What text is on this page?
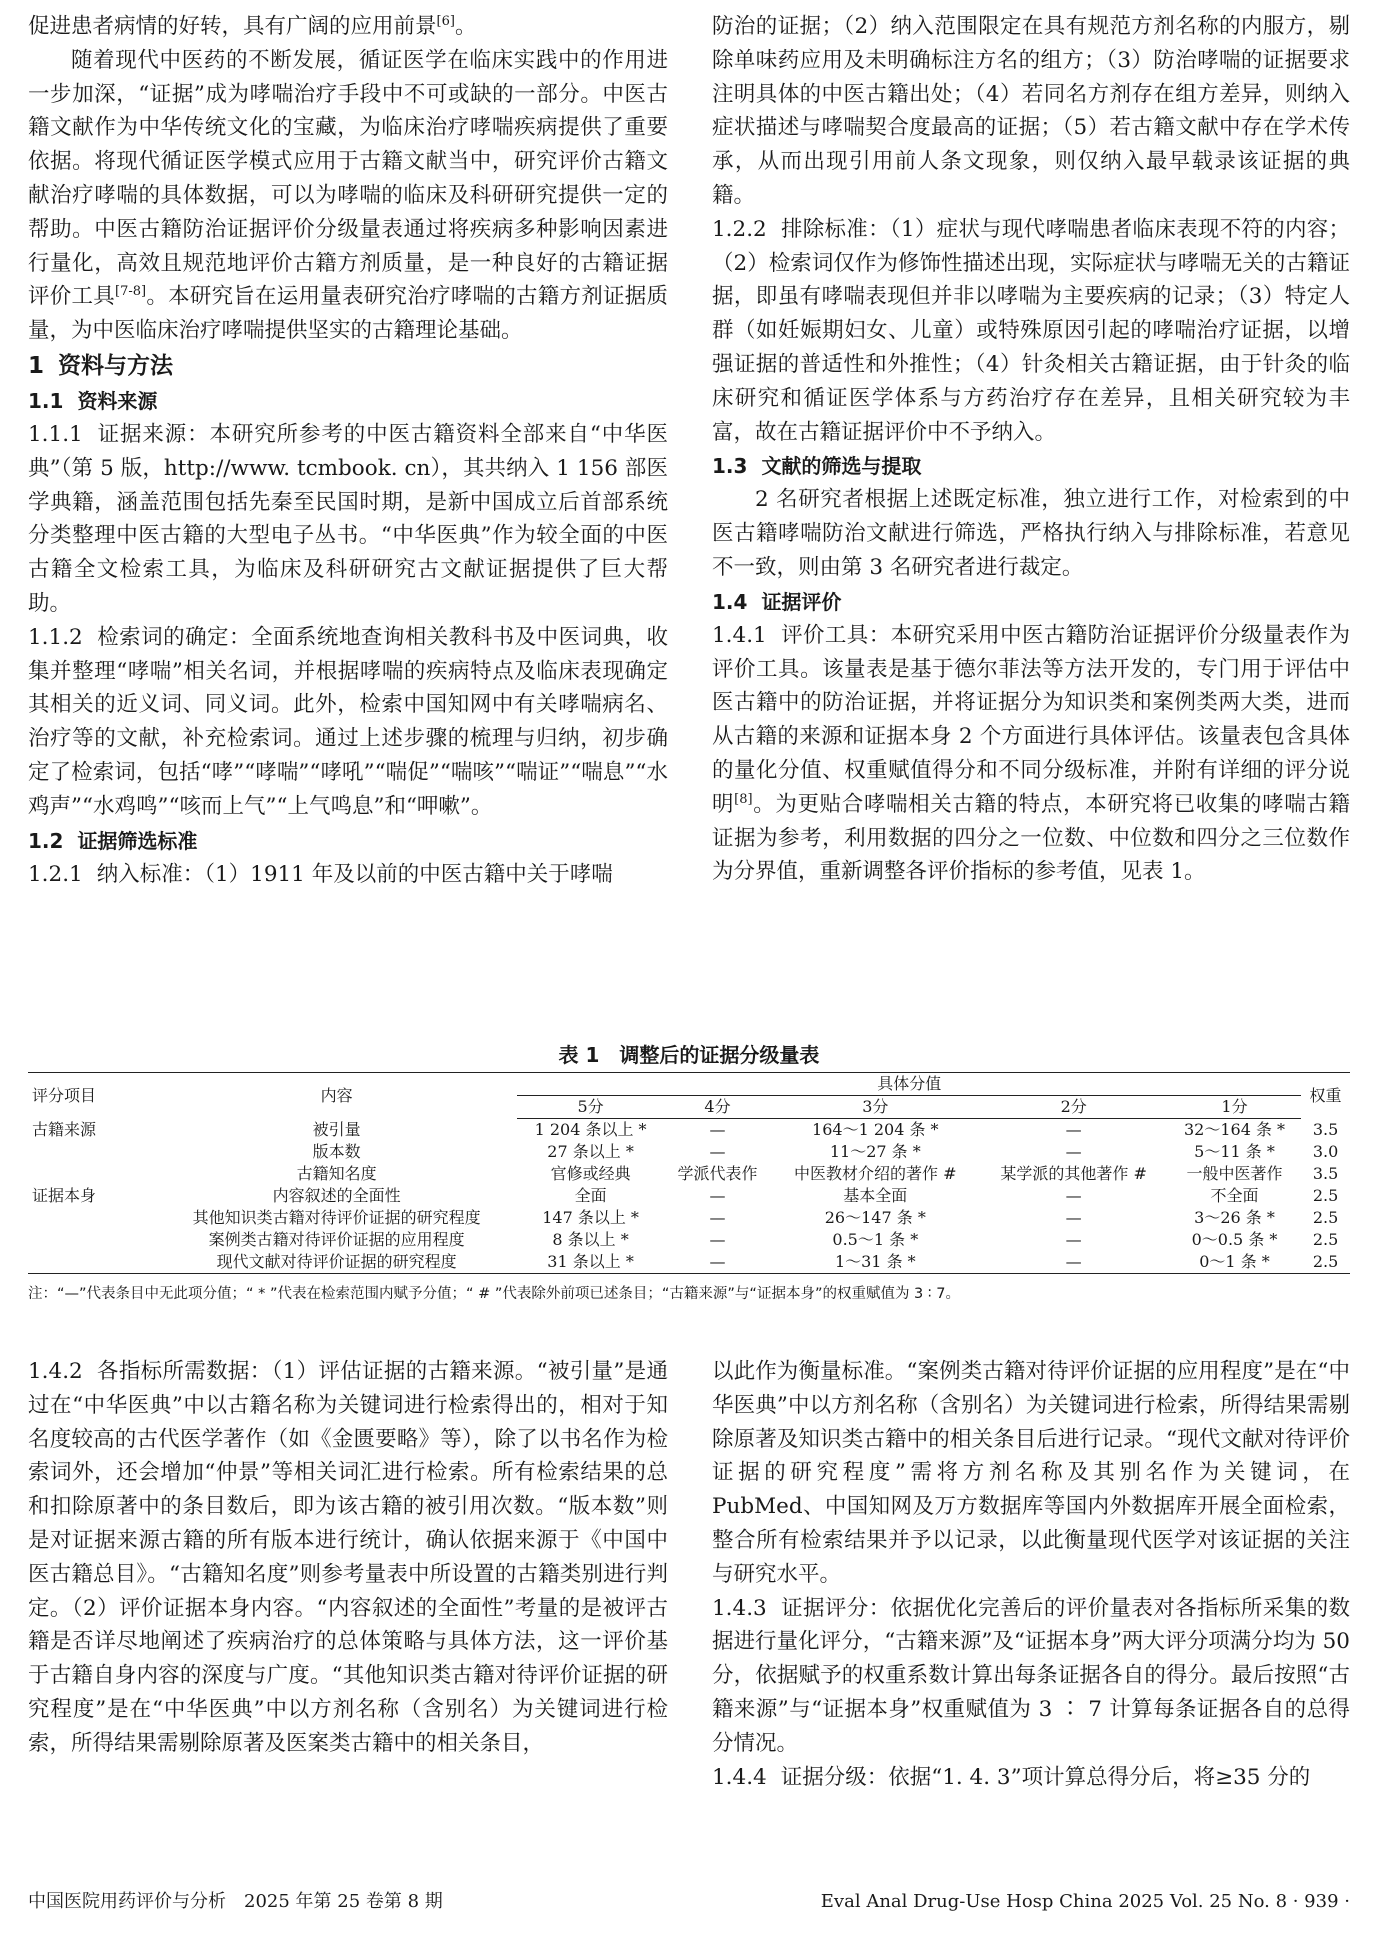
促进患者病情的好转，具有广阔的应用前景[6]。

随着现代中医药的不断发展，循证医学在临床实践中的作用进一步加深，“证据”成为哮喘治疗手段中不可或缺的一部分。中医古籍文献作为中华传统文化的宝藏，为临床治疗哮喘疾病提供了重要依据。将现代循证医学模式应用于古籍文献当中，研究评价古籍文献治疗哮喘的具体数据，可以为哮喘的临床及科研研究提供一定的帮助。中医古籍防治证据评价分级量表通过将疾病多种影响因素进行量化，高效且规范地评价古籍方剂质量，是一种良好的古籍证据评价工具[7-8]。本研究旨在运用量表研究治疗哮喘的古籍方剂证据质量，为中医临床治疗哮喘提供坚实的古籍理论基础。

1 资料与方法

1.1 资料来源

1.1.1 证据来源：本研究所参考的中医古籍资料全部来自“中华医典”（第 5 版，http://www. tcmbook. cn），其共纳入 1 156 部医学典籍，涵盖范围包括先秦至民国时期，是新中国成立后首部系统分类整理中医古籍的大型电子丛书。“中华医典”作为较全面的中医古籍全文检索工具，为临床及科研研究古文献证据提供了巨大帮助。

1.1.2 检索词的确定：全面系统地查询相关教科书及中医词典，收集并整理“哮喘”相关名词，并根据哮喘的疾病特点及临床表现确定其相关的近义词、同义词。此外，检索中国知网中有关哮喘病名、治疗等的文献，补充检索词。通过上述步骤的梳理与归纳，初步确定了检索词，包括“哮”“哮喘”“哮吼”“喘促”“喘咳”“喘证”“喘息”“水鸡声”“水鸡鸣”“咳而上气”“上气鸣息”和“呷嗽”。

1.2 证据筛选标准

1.2.1 纳入标准：（1）1911 年及以前的中医古籍中关于哮喘

防治的证据；（2）纳入范围限定在具有规范方剂名称的内服方，剔除单味药应用及未明确标注方名的组方；（3）防治哮喘的证据要求注明具体的中医古籍出处；（4）若同名方剂存在组方差异，则纳入症状描述与哮喘契合度最高的证据；（5）若古籍文献中存在学术传承，从而出现引用前人条文现象，则仅纳入最早载录该证据的典籍。

1.2.2 排除标准：（1）症状与现代哮喘患者临床表现不符的内容；（2）检索词仅作为修饰性描述出现，实际症状与哮喘无关的古籍证据，即虽有哮喘表现但并非以哮喘为主要疾病的记录；（3）特定人群（如妊娠期妇女、儿童）或特殊原因引起的哮喘治疗证据，以增强证据的普适性和外推性；（4）针灸相关古籍证据，由于针灸的临床研究和循证医学体系与方药治疗存在差异，且相关研究较为丰富，故在古籍证据评价中不予纳入。

1.3 文献的筛选与提取

2 名研究者根据上述既定标准，独立进行工作，对检索到的中医古籍哮喘防治文献进行筛选，严格执行纳入与排除标准，若意见不一致，则由第 3 名研究者进行裁定。

1.4 证据评价

1.4.1 评价工具：本研究采用中医古籍防治证据评价分级量表作为评价工具。该量表是基于德尔菲法等方法开发的，专门用于评估中医古籍中的防治证据，并将证据分为知识类和案例类两大类，进而从古籍的来源和证据本身 2 个方面进行具体评估。该量表包含具体的量化分值、权重赋值得分和不同分级标准，并附有详细的评分说明[8]。为更贴合哮喘相关古籍的特点，本研究将已收集的哮喘古籍证据为参考，利用数据的四分之一位数、中位数和四分之三位数作为分界值，重新调整各评价指标的参考值，见表 1。

表 1　调整后的证据分级量表

评分项目	内容	具体分值					权重
		5分	4分	3分	2分	1分	
古籍来源	被引量	1 204 条以上 *	—	164～1 204 条 *	—	32～164 条 *	3.5
	版本数	27 条以上 *	—	11～27 条 *	—	5～11 条 *	3.0
	古籍知名度	官修或经典	学派代表作	中医教材介绍的著作 #	某学派的其他著作 #	一般中医著作	3.5
证据本身	内容叙述的全面性	全面	—	基本全面	—	不全面	2.5
	其他知识类古籍对待评价证据的研究程度	147 条以上 *	—	26～147 条 *	—	3～26 条 *	2.5
	案例类古籍对待评价证据的应用程度	8 条以上 *	—	0.5～1 条 *	—	0～0.5 条 *	2.5
	现代文献对待评价证据的研究程度	31 条以上 *	—	1～31 条 *	—	0～1 条 *	2.5

注：“—”代表条目中无此项分值；“ * ”代表在检索范围内赋予分值；“ # ”代表除外前项已述条目；“古籍来源”与“证据本身”的权重赋值为 3 ∶ 7。

1.4.2 各指标所需数据：（1）评估证据的古籍来源。“被引量”是通过在“中华医典”中以古籍名称为关键词进行检索得出的，相对于知名度较高的古代医学著作（如《金匮要略》等），除了以书名作为检索词外，还会增加“仲景”等相关词汇进行检索。所有检索结果的总和扣除原著中的条目数后，即为该古籍的被引用次数。“版本数”则是对证据来源古籍的所有版本进行统计，确认依据来源于《中国中医古籍总目》。“古籍知名度”则参考量表中所设置的古籍类别进行判定。（2）评价证据本身内容。“内容叙述的全面性”考量的是被评古籍是否详尽地阐述了疾病治疗的总体策略与具体方法，这一评价基于古籍自身内容的深度与广度。“其他知识类古籍对待评价证据的研究程度”是在“中华医典”中以方剂名称（含别名）为关键词进行检索，所得结果需剔除原著及医案类古籍中的相关条目，

以此作为衡量标准。“案例类古籍对待评价证据的应用程度”是在“中华医典”中以方剂名称（含别名）为关键词进行检索，所得结果需剔除原著及知识类古籍中的相关条目后进行记录。“现代文献对待评价证据的研究程度”需将方剂名称及其别名作为关键词，在 PubMed、中国知网及万方数据库等国内外数据库开展全面检索，整合所有检索结果并予以记录，以此衡量现代医学对该证据的关注与研究水平。

1.4.3 证据评分：依据优化完善后的评价量表对各指标所采集的数据进行量化评分，“古籍来源”及“证据本身”两大评分项满分均为 50 分，依据赋予的权重系数计算出每条证据各自的得分。最后按照“古籍来源”与“证据本身”权重赋值为 3 ∶ 7 计算每条证据各自的总得分情况。

1.4.4 证据分级：依据“1. 4. 3”项计算总得分后，将≥35 分的

中国医院用药评价与分析　2025 年第 25 卷第 8 期	Eval Anal Drug-Use Hosp China 2025 Vol. 25 No. 8 · 939 ·
